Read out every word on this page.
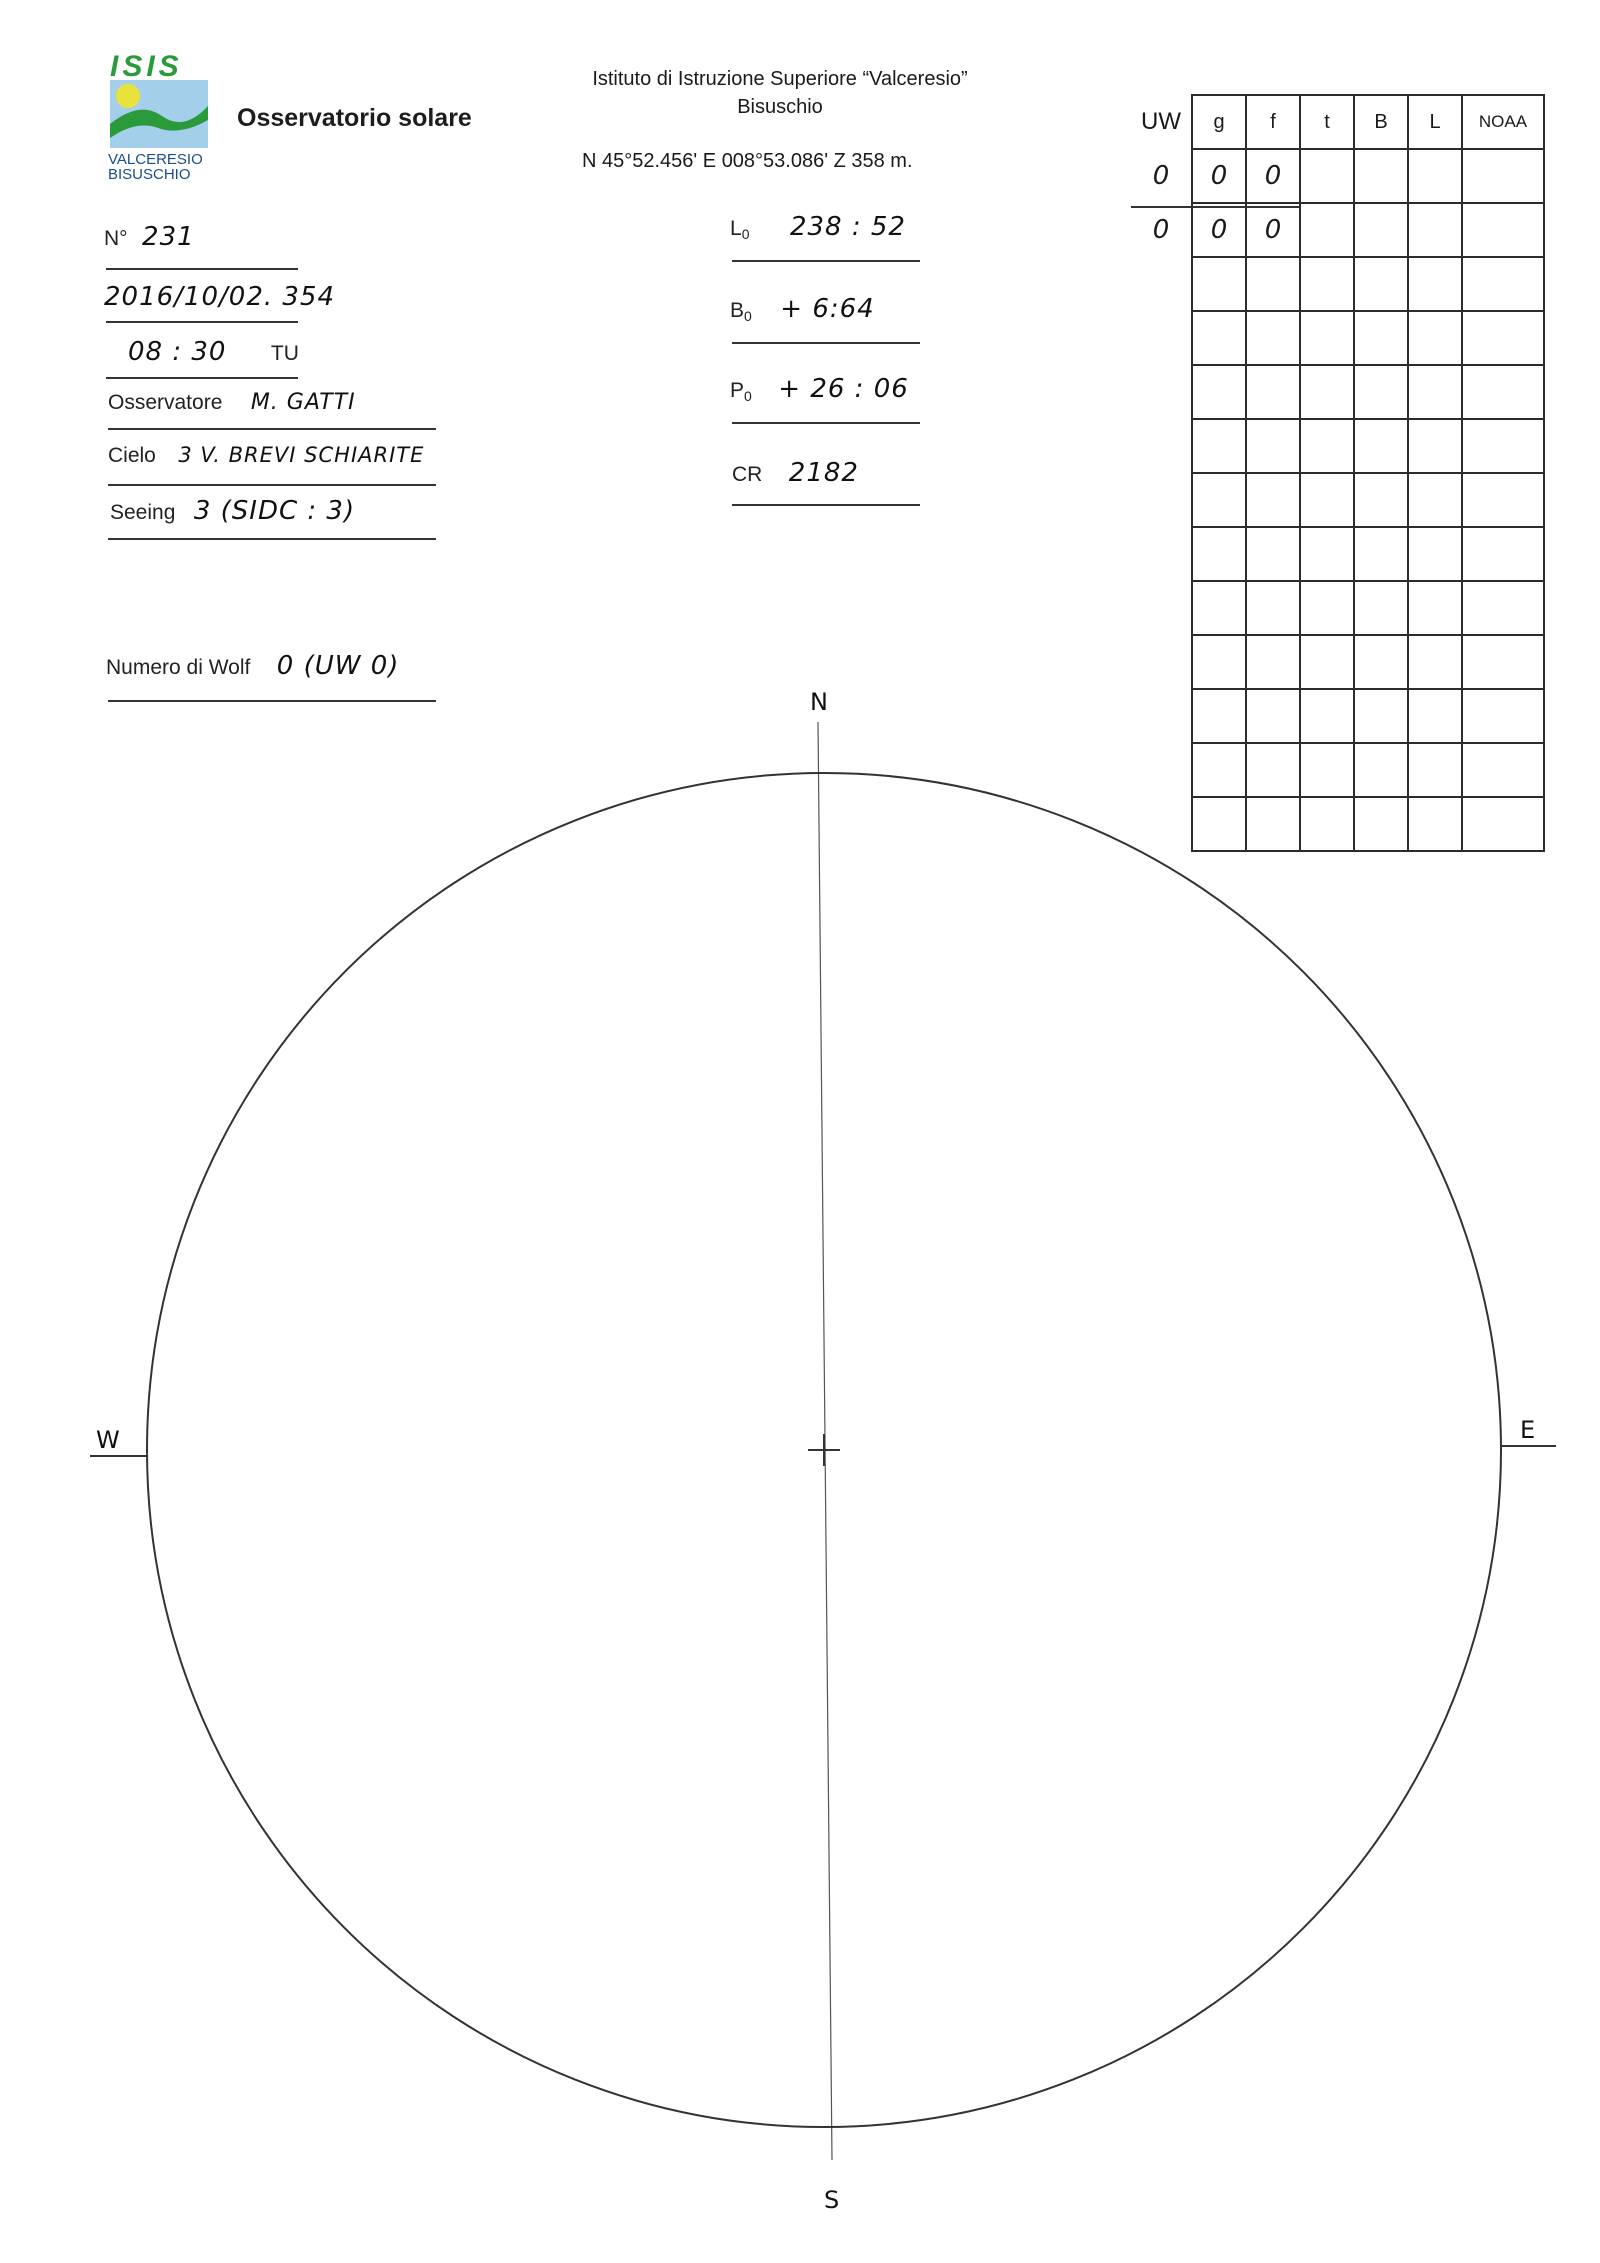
ISIS
VALCERESIO
BISUSCHIO
Osservatorio solare
Istituto di Istruzione Superiore “Valceresio”
Bisuschio
N 45°52.456' E 008°53.086' Z 358 m.
N° 231
2016/10/02. 354
08 : 30 TU
Osservatore M. GATTI
Cielo 3 V. BREVI SCHIARITE
Seeing 3 (SIDC : 3)
Numero di Wolf 0 (UW 0)
$L_0$ 238 : 52
$B_0$ + 6:64
$P_0 + 26$ : 06
CR 2182
UW	g	f	t	B	L	NOAA
0	0	0				
0	0	0				

N
S
W	E
